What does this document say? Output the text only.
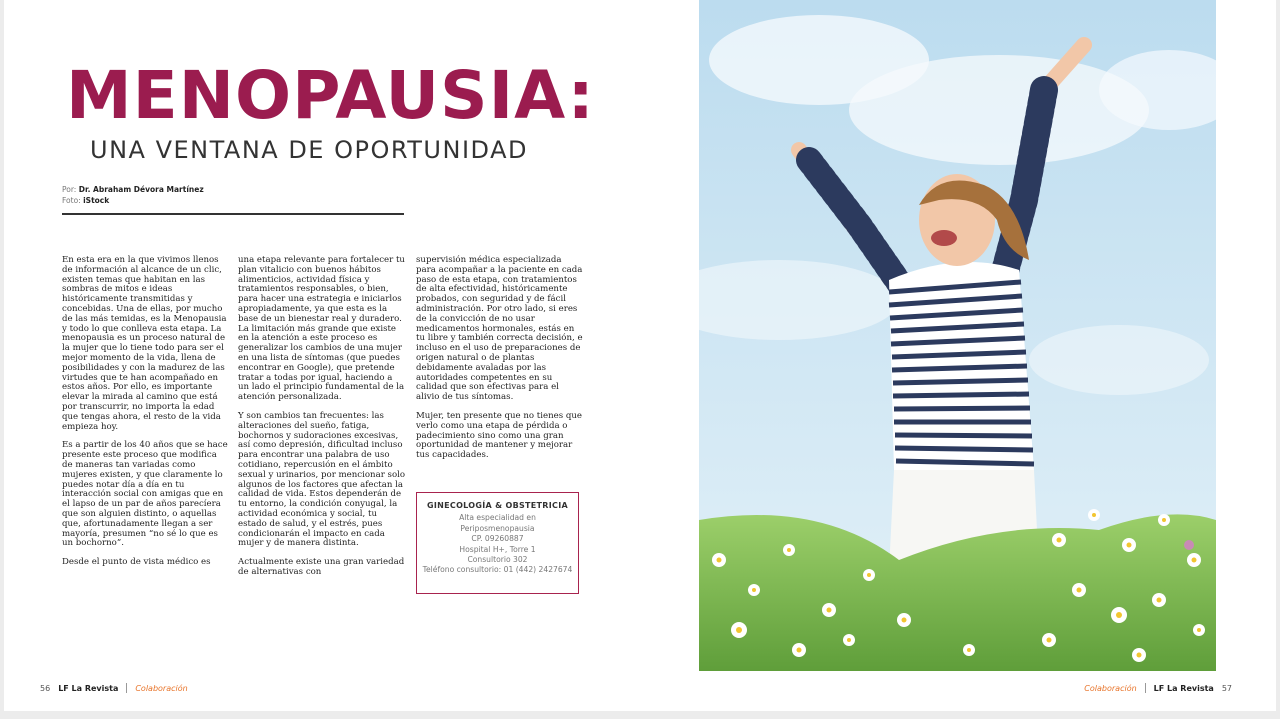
MENOPAUSIA:
UNA VENTANA DE OPORTUNIDAD
Por: Dr. Abraham Dévora Martínez
Foto: iStock

En esta era en la que vivimos llenos de información al alcance de un clic, existen temas que habitan en las sombras de mitos e ideas históricamente transmitidas y concebidas. Una de ellas, por mucho de las más temidas, es la Menopausia y todo lo que conlleva esta etapa. La menopausia es un proceso natural de la mujer que lo tiene todo para ser el mejor momento de la vida, llena de posibilidades y con la madurez de las virtudes que te han acompañado en estos años. Por ello, es importante elevar la mirada al camino que está por transcurrir, no importa la edad que tengas ahora, el resto de la vida empieza hoy.

Es a partir de los 40 años que se hace presente este proceso que modifica de maneras tan variadas como mujeres existen, y que claramente lo puedes notar día a día en tu interacción social con amigas que en el lapso de un par de años parecíera que son alguien distinto, o aquellas que, afortunadamente llegan a ser mayoría, presumen “no sé lo que es un bochorno”.

Desde el punto de vista médico es

una etapa relevante para fortalecer tu plan vitalicio con buenos hábitos alimenticios, actividad física y tratamientos responsables, o bien, para hacer una estrategia e iniciarlos apropiadamente, ya que esta es la base de un bienestar real y duradero. La limitación más grande que existe en la atención a este proceso es generalizar los cambios de una mujer en una lista de síntomas (que puedes encontrar en Google), que pretende tratar a todas por igual, haciendo a un lado el principio fundamental de la atención personalizada.

Y son cambios tan frecuentes: las alteraciones del sueño, fatiga, bochornos y sudoraciones excesivas, así como depresión, dificultad incluso para encontrar una palabra de uso cotidiano, repercusión en el ámbito sexual y urinarios, por mencionar solo algunos de los factores que afectan la calidad de vida. Estos dependerán de tu entorno, la condición conyugal, la actividad económica y social, tu estado de salud, y el estrés, pues condicionarán el impacto en cada mujer y de manera distinta.

Actualmente existe una gran variedad de alternativas con

supervisión médica especializada para acompañar a la paciente en cada paso de esta etapa, con tratamientos de alta efectividad, históricamente probados, con seguridad y de fácil administración. Por otro lado, si eres de la convicción de no usar medicamentos hormonales, estás en tu libre y también correcta decisión, e incluso en el uso de preparaciones de origen natural o de plantas debidamente avaladas por las autoridades competentes en su calidad que son efectivas para el alivio de tus síntomas.

Mujer, ten presente que no tienes que verlo como una etapa de pérdida o padecimiento sino como una gran oportunidad de mantener y mejorar tus capacidades.

GINECOLOGÍA & OBSTETRICIA
Alta especialidad en
Periposmenopausia
CP. 09260887
Hospital H+, Torre 1
Consultorio 302
Teléfono consultorio: 01 (442) 2427674
56 LF La Revista Colaboración	Colaboración LF La Revista 57
